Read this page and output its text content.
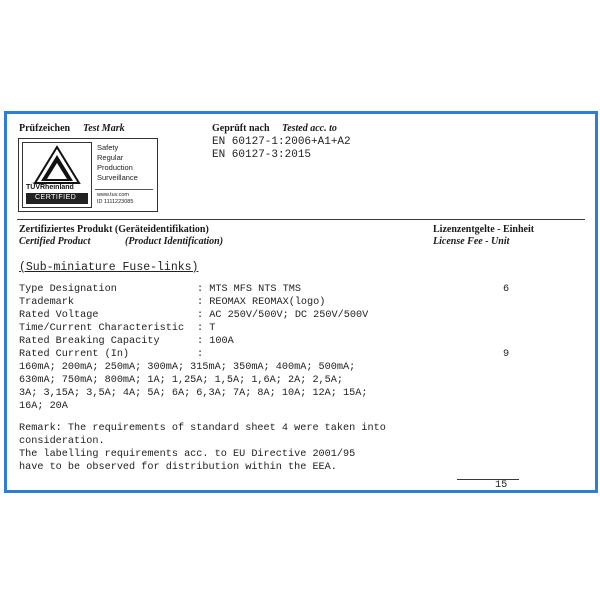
Prüfzeichen Test Mark	Geprüft nach Tested acc. to
EN 60127-1:2006+A1+A2
EN 60127-3:2015
TÜVRheinland
CERTIFIED
Safety
Regular
Production
Surveillance
www.tuv.com
ID 1111223085
Zertifiziertes Produkt (Geräteidentifikation)
Certified Product	(Product Identification)
Lizenzentgelte - Einheit
License Fee - Unit
(Sub-miniature Fuse-links)
Type Designation	: MTS MFS NTS TMS	6
Trademark	: REOMAX REOMAX(logo)
Rated Voltage	: AC 250V/500V; DC 250V/500V
Time/Current Characteristic : T
Rated Breaking Capacity	: 100A
Rated Current (In)	:	9
160mA; 200mA; 250mA; 300mA; 315mA; 350mA; 400mA; 500mA;
630mA; 750mA; 800mA; 1A; 1,25A; 1,5A; 1,6A; 2A; 2,5A;
3A; 3,15A; 3,5A; 4A; 5A; 6A; 6,3A; 7A; 8A; 10A; 12A; 15A;
16A; 20A
Remark: The requirements of standard sheet 4 were taken into
consideration.
The labelling requirements acc. to EU Directive 2001/95
have to be observed for distribution within the EEA.
15
